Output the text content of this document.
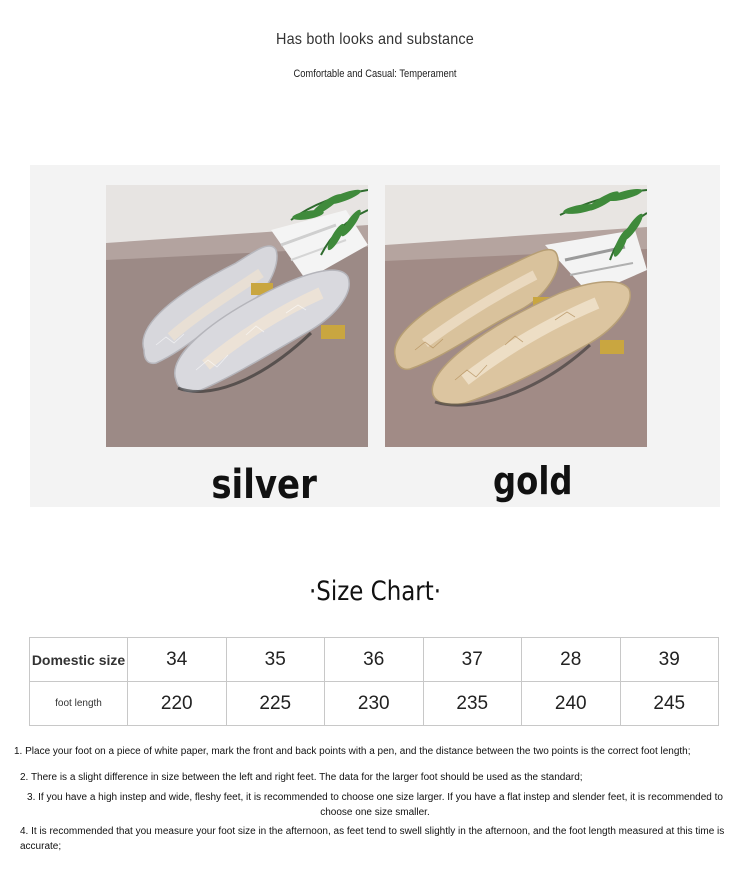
Has both looks and substance
Comfortable and Casual: Temperament
silver	gold
·Size Chart·
Domestic size	34	35	36	37	28	39
foot length	220	225	230	235	240	245

1. Place your foot on a piece of white paper, mark the front and back points with a pen, and the distance between the two points is the correct foot length;

2. There is a slight difference in size between the left and right feet. The data for the larger foot should be used as the standard;

3. If you have a high instep and wide, fleshy feet, it is recommended to choose one size larger. If you have a flat instep and slender feet, it is recommended to choose one size smaller.

4. It is recommended that you measure your foot size in the afternoon, as feet tend to swell slightly in the afternoon, and the foot length measured at this time is accurate;
